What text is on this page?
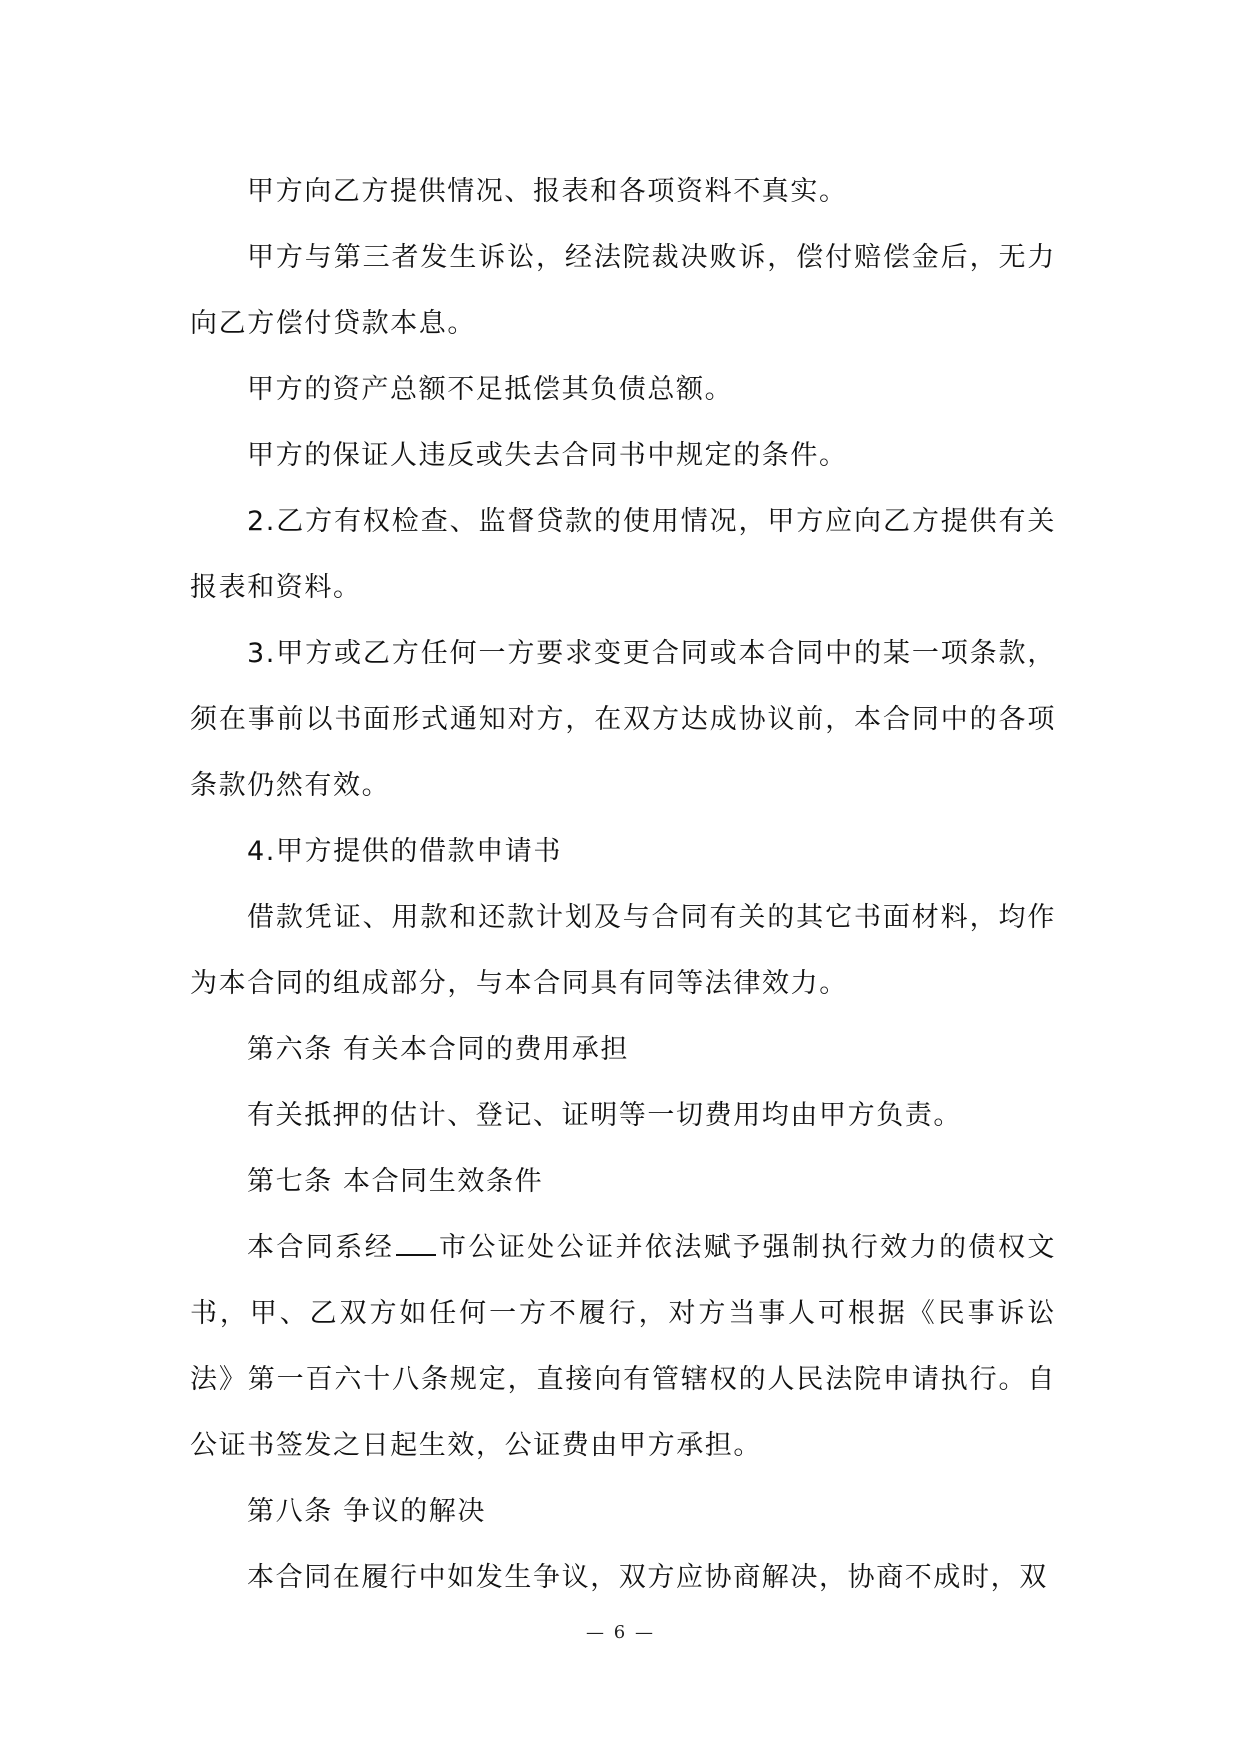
甲方向乙方提供情况、报表和各项资料不真实。

甲方与第三者发生诉讼，经法院裁决败诉，偿付赔偿金后，无力向乙方偿付贷款本息。

甲方的资产总额不足抵偿其负债总额。

甲方的保证人违反或失去合同书中规定的条件。

2.乙方有权检查、监督贷款的使用情况，甲方应向乙方提供有关报表和资料。

3.甲方或乙方任何一方要求变更合同或本合同中的某一项条款，须在事前以书面形式通知对方，在双方达成协议前，本合同中的各项条款仍然有效。

4.甲方提供的借款申请书

借款凭证、用款和还款计划及与合同有关的其它书面材料，均作为本合同的组成部分，与本合同具有同等法律效力。

第六条 有关本合同的费用承担

有关抵押的估计、登记、证明等一切费用均由甲方负责。

第七条 本合同生效条件

本合同系经 市公证处公证并依法赋予强制执行效力的债权文书，甲、乙双方如任何一方不履行，对方当事人可根据《民事诉讼法》第一百六十八条规定，直接向有管辖权的人民法院申请执行。自公证书签发之日起生效，公证费由甲方承担。

第八条 争议的解决

本合同在履行中如发生争议，双方应协商解决，协商不成时，双

— 6 —
